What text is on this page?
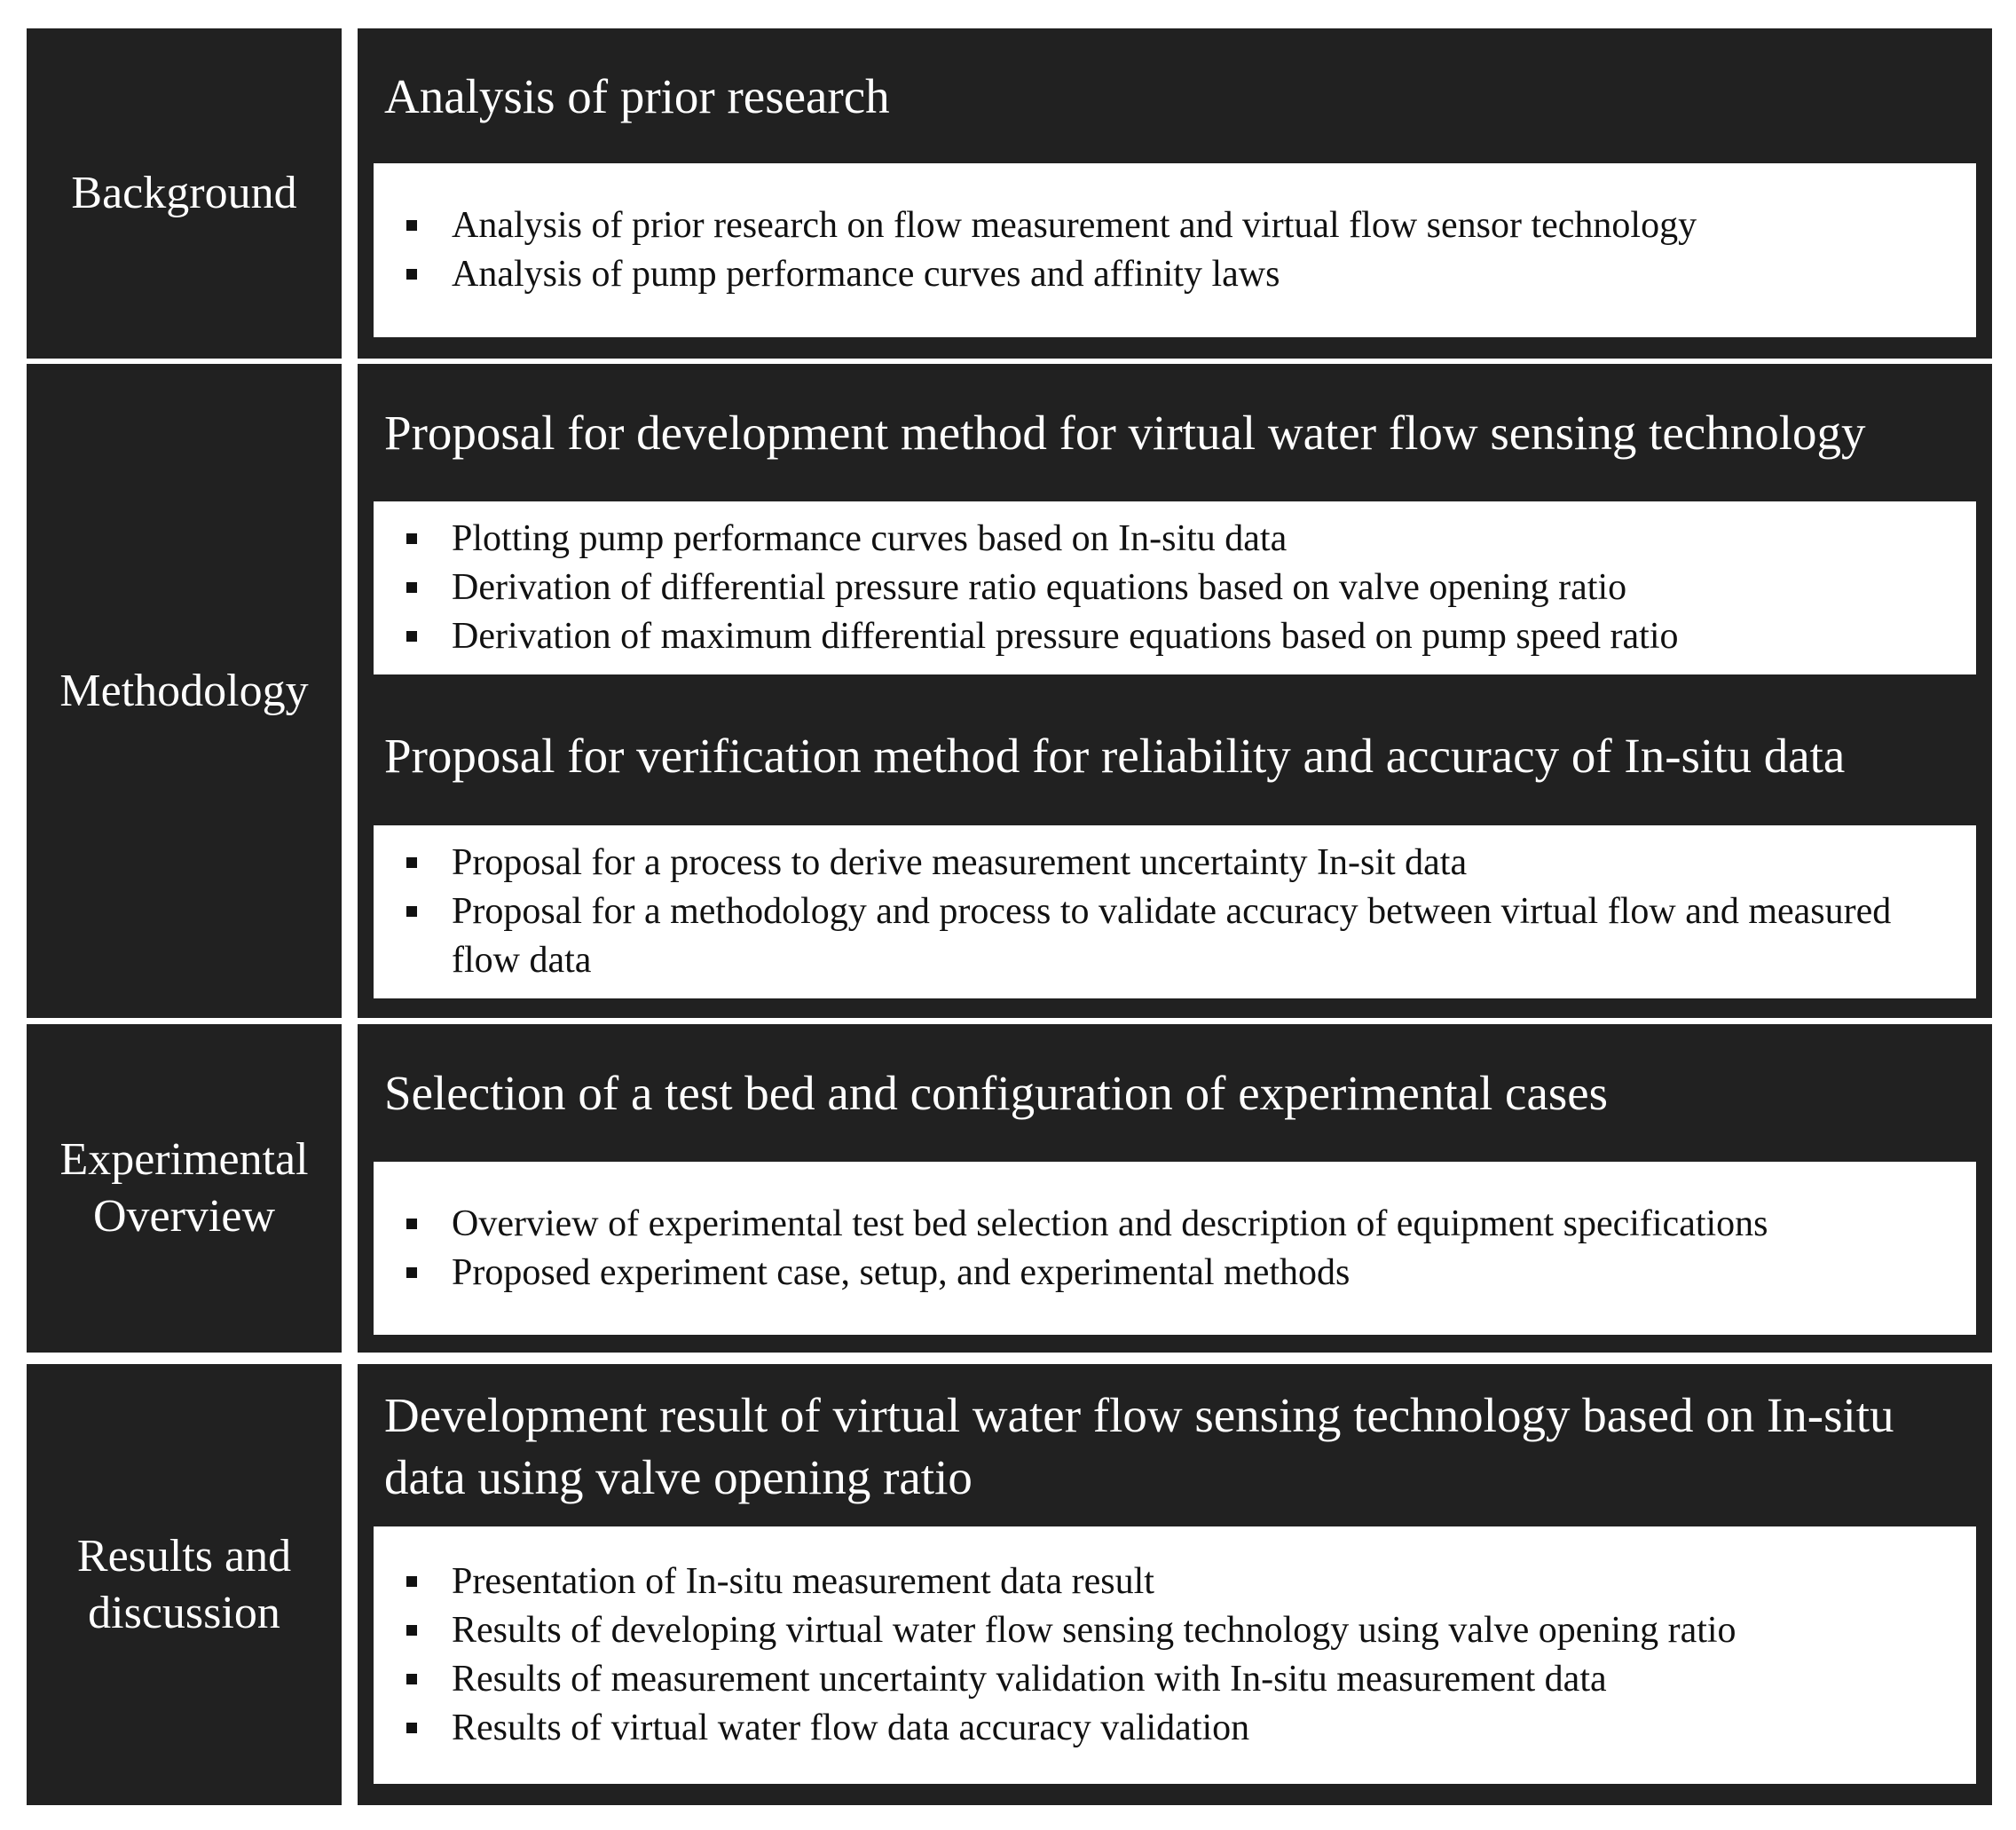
Background
Analysis of prior research
Analysis of prior research on flow measurement and virtual flow sensor technology
Analysis of pump performance curves and affinity laws
Methodology
Proposal for development method for virtual water flow sensing technology
Plotting pump performance curves based on In-situ data
Derivation of differential pressure ratio equations based on valve opening ratio
Derivation of maximum differential pressure equations based on pump speed ratio
Proposal for verification method for reliability and accuracy of In-situ data
Proposal for a process to derive measurement uncertainty In-sit data
Proposal for a methodology and process to validate accuracy between virtual flow and measured flow data
Experimental
Overview
Selection of a test bed and configuration of experimental cases
Overview of experimental test bed selection and description of equipment specifications
Proposed experiment case, setup, and experimental methods
Results and
discussion
Development result of virtual water flow sensing technology based on In-situ data using valve opening ratio
Presentation of In-situ measurement data result
Results of developing virtual water flow sensing technology using valve opening ratio
Results of measurement uncertainty validation with In-situ measurement data
Results of virtual water flow data accuracy validation
